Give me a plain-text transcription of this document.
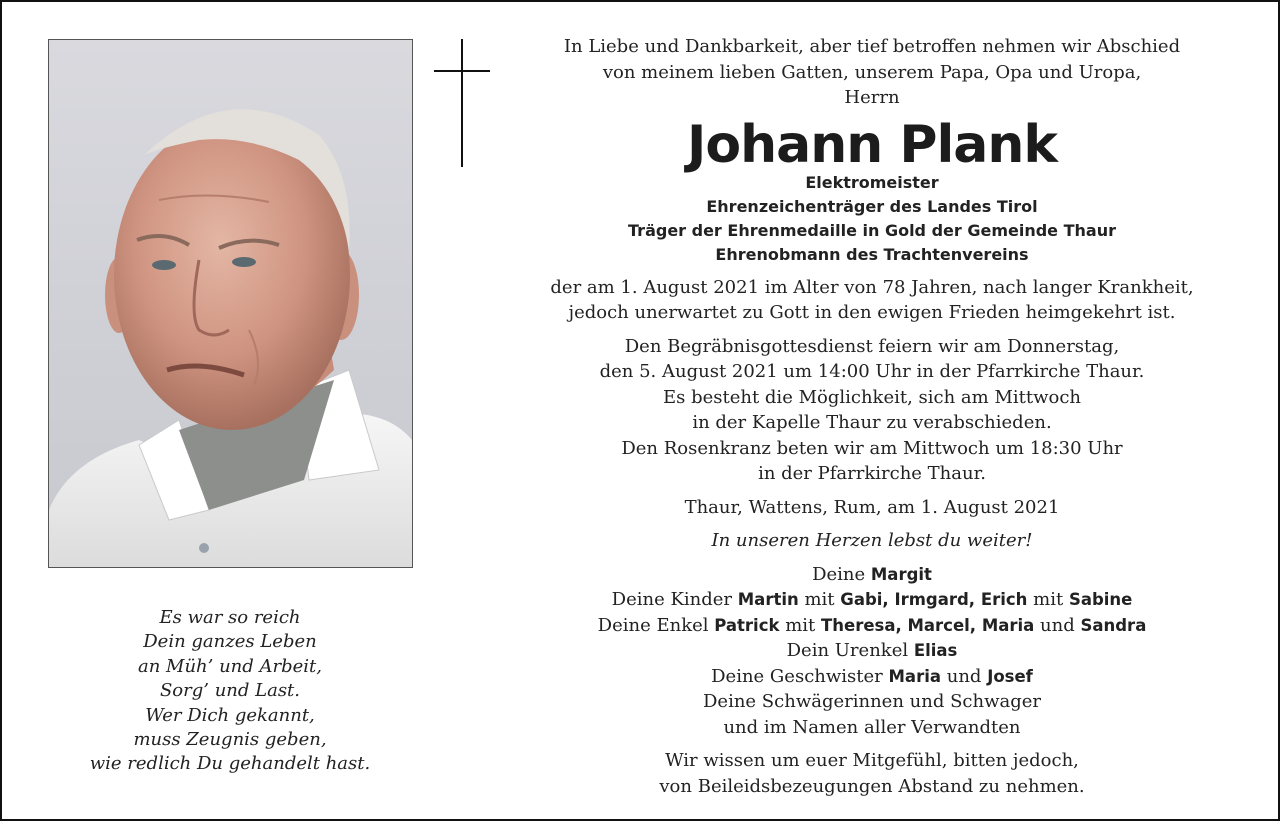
Es war so reich
Dein ganzes Leben
an Müh’ und Arbeit,
Sorg’ und Last.
Wer Dich gekannt,
muss Zeugnis geben,
wie redlich Du gehandelt hast.

In Liebe und Dankbarkeit, aber tief betroffen nehmen wir Abschied

von meinem lieben Gatten, unserem Papa, Opa und Uropa,

Herrn

Johann Plank

Elektromeister

Ehrenzeichenträger des Landes Tirol

Träger der Ehrenmedaille in Gold der Gemeinde Thaur

Ehrenobmann des Trachtenvereins

der am 1. August 2021 im Alter von 78 Jahren, nach langer Krankheit,

jedoch unerwartet zu Gott in den ewigen Frieden heimgekehrt ist.

Den Begräbnisgottesdienst feiern wir am Donnerstag,

den 5. August 2021 um 14:00 Uhr in der Pfarrkirche Thaur.

Es besteht die Möglichkeit, sich am Mittwoch

in der Kapelle Thaur zu verabschieden.

Den Rosenkranz beten wir am Mittwoch um 18:30 Uhr

in der Pfarrkirche Thaur.

Thaur, Wattens, Rum, am 1. August 2021

In unseren Herzen lebst du weiter!

Deine Margit

Deine Kinder Martin mit Gabi, Irmgard, Erich mit Sabine

Deine Enkel Patrick mit Theresa, Marcel, Maria und Sandra

Dein Urenkel Elias

Deine Geschwister Maria und Josef

Deine Schwägerinnen und Schwager

und im Namen aller Verwandten

Wir wissen um euer Mitgefühl, bitten jedoch,

von Beileidsbezeugungen Abstand zu nehmen.
